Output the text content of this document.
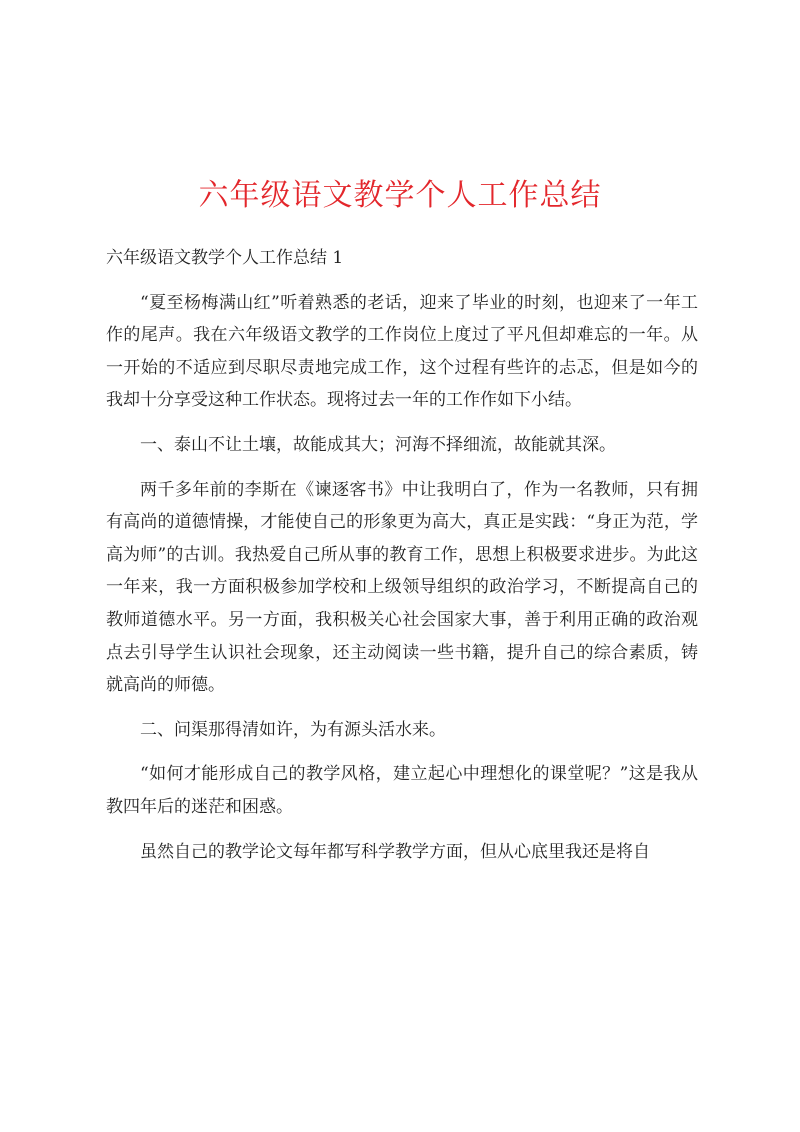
六年级语文教学个人工作总结

六年级语文教学个人工作总结 1

“夏至杨梅满山红”听着熟悉的老话，迎来了毕业的时刻，也迎来了一年工作的尾声。我在六年级语文教学的工作岗位上度过了平凡但却难忘的一年。从一开始的不适应到尽职尽责地完成工作，这个过程有些许的忐忑，但是如今的我却十分享受这种工作状态。现将过去一年的工作作如下小结。

一、泰山不让土壤，故能成其大；河海不择细流，故能就其深。

两千多年前的李斯在《谏逐客书》中让我明白了，作为一名教师，只有拥有高尚的道德情操，才能使自己的形象更为高大，真正是实践：“身正为范，学高为师”的古训。我热爱自己所从事的教育工作，思想上积极要求进步。为此这一年来，我一方面积极参加学校和上级领导组织的政治学习，不断提高自己的教师道德水平。另一方面，我积极关心社会国家大事，善于利用正确的政治观点去引导学生认识社会现象，还主动阅读一些书籍，提升自己的综合素质，铸就高尚的师德。

二、问渠那得清如许，为有源头活水来。

“如何才能形成自己的教学风格，建立起心中理想化的课堂呢？”这是我从教四年后的迷茫和困惑。

虽然自己的教学论文每年都写科学教学方面，但从心底里我还是将自
